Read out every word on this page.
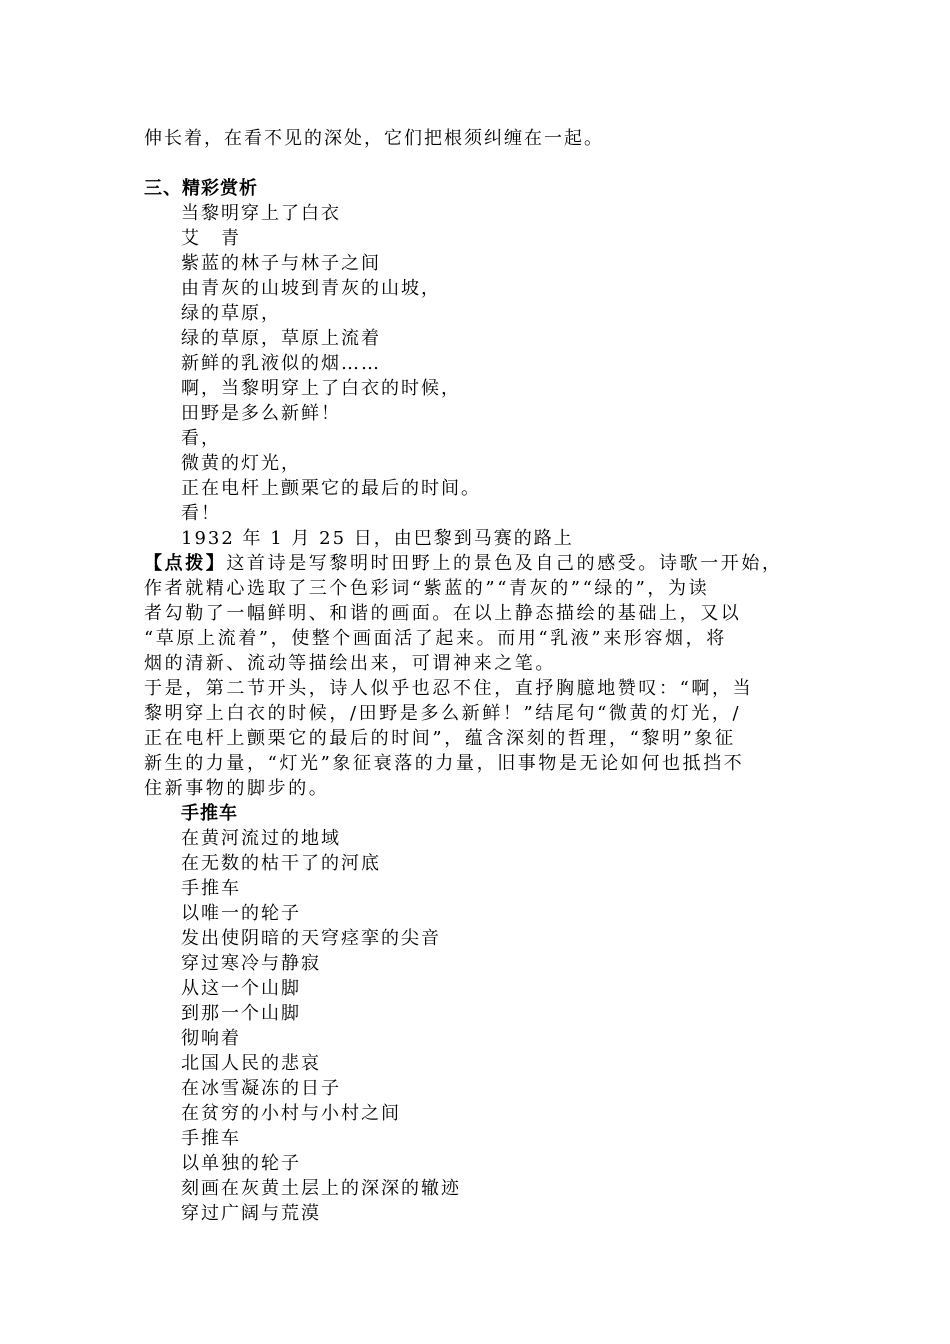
伸长着，在看不见的深处，它们把根须纠缠在一起。
三、精彩赏析
当黎明穿上了白衣
艾　青
紫蓝的林子与林子之间
由青灰的山坡到青灰的山坡，
绿的草原，
绿的草原，草原上流着
新鲜的乳液似的烟……
啊，当黎明穿上了白衣的时候，
田野是多么新鲜！
看，
微黄的灯光，
正在电杆上颤栗它的最后的时间。
看！
1932 年 1 月 25 日，由巴黎到马赛的路上
【点拨】这首诗是写黎明时田野上的景色及自己的感受。诗歌一开始，
作者就精心选取了三个色彩词“紫蓝的”“青灰的”“绿的”，为读
者勾勒了一幅鲜明、和谐的画面。在以上静态描绘的基础上，又以
“草原上流着”，使整个画面活了起来。而用“乳液”来形容烟，将
烟的清新、流动等描绘出来，可谓神来之笔。
于是，第二节开头，诗人似乎也忍不住，直抒胸臆地赞叹：“啊，当
黎明穿上白衣的时候，/田野是多么新鲜！”结尾句“微黄的灯光，/
正在电杆上颤栗它的最后的时间”，蕴含深刻的哲理，“黎明”象征
新生的力量，“灯光”象征衰落的力量，旧事物是无论如何也抵挡不
住新事物的脚步的。
手推车
在黄河流过的地域
在无数的枯干了的河底
手推车
以唯一的轮子
发出使阴暗的天穹痉挛的尖音
穿过寒冷与静寂
从这一个山脚
到那一个山脚
彻响着
北国人民的悲哀
在冰雪凝冻的日子
在贫穷的小村与小村之间
手推车
以单独的轮子
刻画在灰黄土层上的深深的辙迹
穿过广阔与荒漠
